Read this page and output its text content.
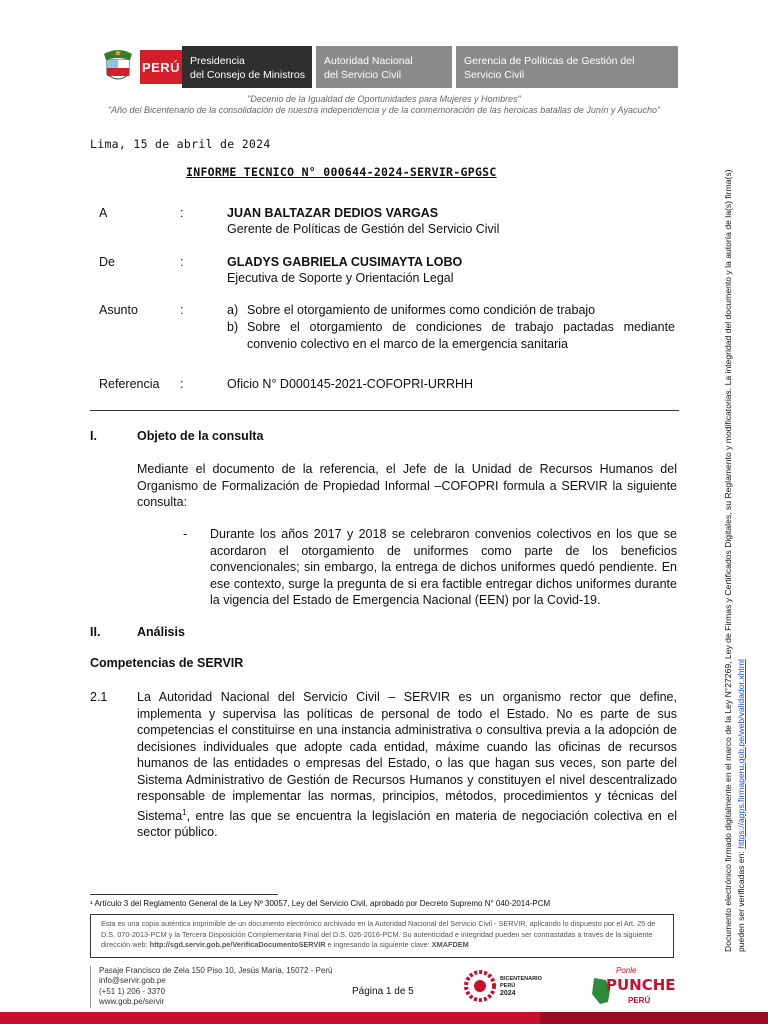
PERÚ Presidencia
del Consejo de Ministros
Autoridad Nacional
del Servicio Civil
Gerencia de Políticas de Gestión del
Servicio Civil
"Decenio de la Igualdad de Oportunidades para Mujeres y Hombres"
"Año del Bicentenario de la consolidación de nuestra independencia y de la conmemoración de las heroicas batallas de Junín y Ayacucho"
Lima, 15 de abril de 2024
INFORME TECNICO N° 000644-2024-SERVIR-GPGSC
A	:	JUAN BALTAZAR DEDIOS VARGAS
Gerente de Políticas de Gestión del Servicio Civil
De	:	GLADYS GABRIELA CUSIMAYTA LOBO
Ejecutiva de Soporte y Orientación Legal
Asunto	:	a) Sobre el otorgamiento de uniformes como condición de trabajo
b) Sobre el otorgamiento de condiciones de trabajo pactadas mediante convenio colectivo en el marco de la emergencia sanitaria
Referencia :	Oficio N° D000145-2021-COFOPRI-URRHH
I.	Objeto de la consulta
Mediante el documento de la referencia, el Jefe de la Unidad de Recursos Humanos del Organismo de Formalización de Propiedad Informal –COFOPRI formula a SERVIR la siguiente consulta:
- Durante los años 2017 y 2018 se celebraron convenios colectivos en los que se acordaron el otorgamiento de uniformes como parte de los beneficios convencionales; sin embargo, la entrega de dichos uniformes quedó pendiente. En ese contexto, surge la pregunta de si era factible entregar dichos uniformes durante la vigencia del Estado de Emergencia Nacional (EEN) por la Covid-19.
II.	Análisis
Competencias de SERVIR
2.1 La Autoridad Nacional del Servicio Civil – SERVIR es un organismo rector que define, implementa y supervisa las políticas de personal de todo el Estado. No es parte de sus competencias el constituirse en una instancia administrativa o consultiva previa a la adopción de decisiones individuales que adopte cada entidad, máxime cuando las oficinas de recursos humanos de las entidades o empresas del Estado, o las que hagan sus veces, son parte del Sistema Administrativo de Gestión de Recursos Humanos y constituyen el nivel descentralizado responsable de implementar las normas, principios, métodos, procedimientos y técnicas del Sistema$^1$, entre las que se encuentra la legislación en materia de negociación colectiva en el sector público.
¹ Artículo 3 del Reglamento General de la Ley Nº 30057, Ley del Servicio Civil, aprobado por Decreto Supremo N° 040-2014-PCM
Esta es una copia auténtica imprimible de un documento electrónico archivado en la Autoridad Nacional del Servicio Civil - SERVIR, aplicando lo dispuesto por el Art. 25 de D.S. 070-2013-PCM y la Tercera Disposición Complementaria Final del D.S. 026-2016-PCM. Su autenticidad e integridad pueden ser contrastadas a través de la siguiente dirección web: http://sgd.servir.gob.pe/VerificaDocumentoSERVIR e ingresando la siguiente clave: XMAFDEM
Pasaje Francisco de Zela 150 Piso 10, Jesús María, 15072 - Perú
info@servir.gob.pe
(+51 1) 206 - 3370
www.gob.pe/servir
Página 1 de 5
BICENTENARIO
PERÚ
2024
Ponle
PUNCHE
PERÚ
Documento electrónico firmado digitalmente en el marco de la Ley N°27269, Ley de Firmas y Certificados Digitales, su Reglamento y modificatorias. La integridad del documento y la autoría de la(s) firma(s) pueden ser verificadas en: https://apps.firmaperu.gob.pe/web/validador.xhtml
